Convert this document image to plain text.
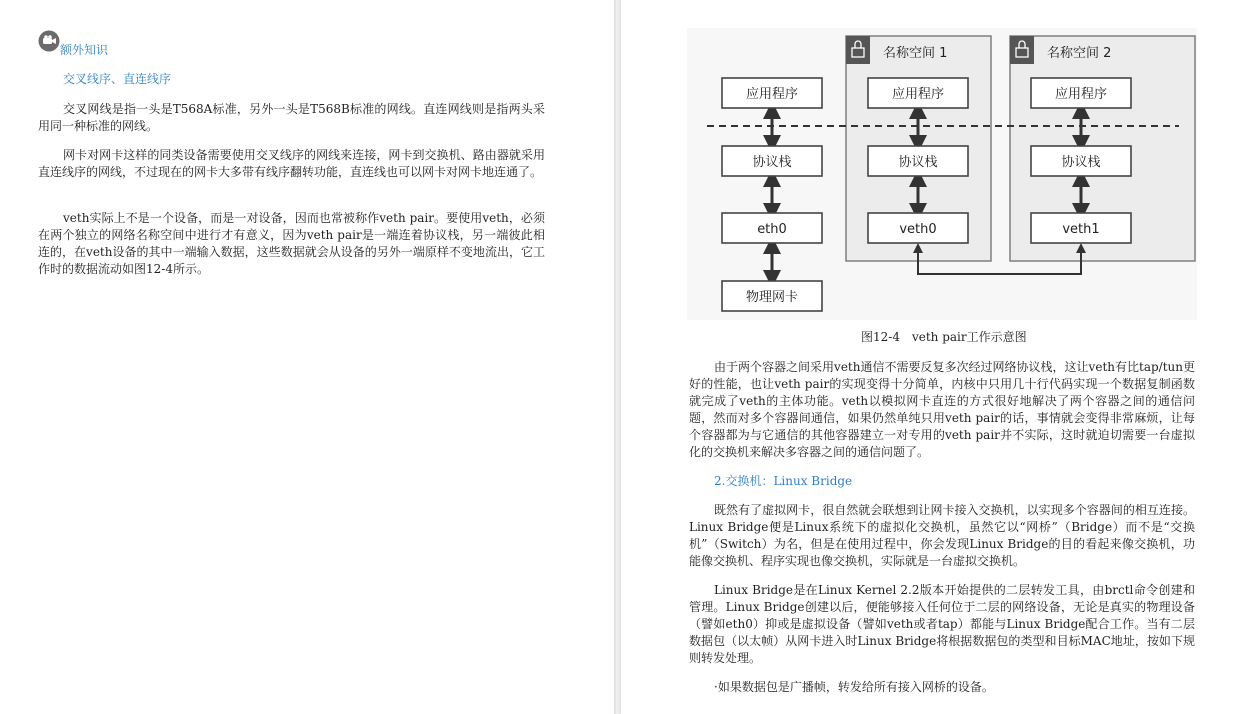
额外知识

交叉线序、直连线序

交叉网线是指一头是T568A标准，另外一头是T568B标准的网线。直连网线则是指两头采用同一种标准的网线。

网卡对网卡这样的同类设备需要使用交叉线序的网线来连接，网卡到交换机、路由器就采用直连线序的网线，不过现在的网卡大多带有线序翻转功能，直连线也可以网卡对网卡地连通了。

veth实际上不是一个设备，而是一对设备，因而也常被称作veth pair。要使用veth，必须在两个独立的网络名称空间中进行才有意义，因为veth pair是一端连着协议栈，另一端彼此相连的，在veth设备的其中一端输入数据，这些数据就会从设备的另外一端原样不变地流出，它工作时的数据流动如图12-4所示。

名称空间 1	名称空间 2
应用程序
协议栈
eth0
物理网卡
应用程序
协议栈
veth0
应用程序
协议栈
veth1

图12-4　veth pair工作示意图

由于两个容器之间采用veth通信不需要反复多次经过网络协议栈，这让veth有比tap/tun更好的性能，也让veth pair的实现变得十分简单，内核中只用几十行代码实现一个数据复制函数就完成了veth的主体功能。veth以模拟网卡直连的方式很好地解决了两个容器之间的通信问题，然而对多个容器间通信，如果仍然单纯只用veth pair的话，事情就会变得非常麻烦，让每个容器都为与它通信的其他容器建立一对专用的veth pair并不实际，这时就迫切需要一台虚拟化的交换机来解决多容器之间的通信问题了。

2.交换机：Linux Bridge

既然有了虚拟网卡，很自然就会联想到让网卡接入交换机，以实现多个容器间的相互连接。Linux Bridge便是Linux系统下的虚拟化交换机，虽然它以“网桥”（Bridge）而不是“交换机”（Switch）为名，但是在使用过程中，你会发现Linux Bridge的目的看起来像交换机，功能像交换机、程序实现也像交换机，实际就是一台虚拟交换机。

Linux Bridge是在Linux Kernel 2.2版本开始提供的二层转发工具，由brctl命令创建和管理。Linux Bridge创建以后，便能够接入任何位于二层的网络设备，无论是真实的物理设备（譬如eth0）抑或是虚拟设备（譬如veth或者tap）都能与Linux Bridge配合工作。当有二层数据包（以太帧）从网卡进入时Linux Bridge将根据数据包的类型和目标MAC地址，按如下规则转发处理。

·如果数据包是广播帧，转发给所有接入网桥的设备。
